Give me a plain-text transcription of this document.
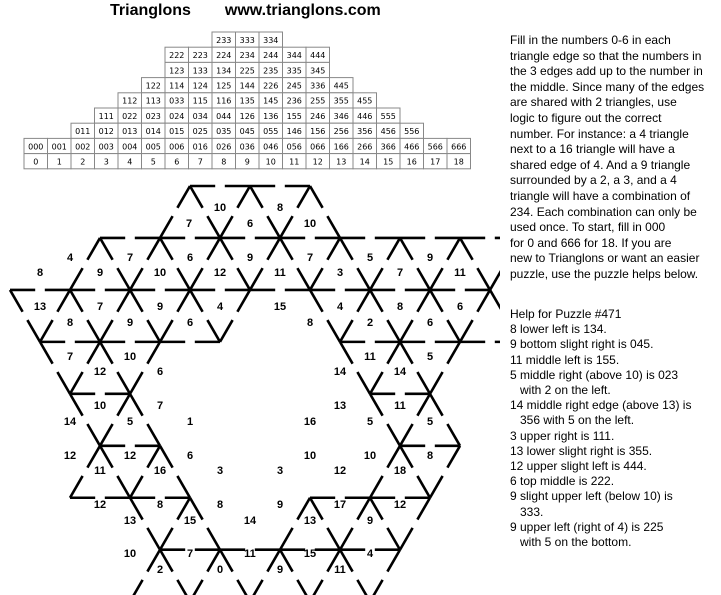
Trianglons www.trianglons.com
233 333 334
222 223 224 234 244 344 444
123 133 134 225 235 335 345
122 114 124 125 144 226 245 336 445
112 113 033 115 116 135 145 236 255 355 455
111 022 023 024 034 044 126 136 155 246 346 446 555
011 012 013 014 015 025 035 045 055 146 156 256 356 456 556
000 001 002 003 004 005 006 016 026 036 046 056 066 166 266 366 466 566 666
0 1 2 3 4 5 6 7 8 9 10 11 12 13 14 15 16 17 18
10	8
7	6	10
4	7	6	9	7	5	9
8	9	10	12	11	3	7	11
13	7	9	4	15	4	8	6
8	9	6	8	2	6
7	10	11	5
12	6	14	14
10	7	13	11
14	5	1	16	5	5
12	12	6	10	10	8
11	16	3	3	12	18
12	8	8	9	17	12
13	15	14	13	9
10	7	11	15	4
2	0	9	11
Fill in the numbers 0-6 in each
triangle edge so that the numbers in
the 3 edges add up to the number in
the middle. Since many of the edges
are shared with 2 triangles, use
logic to figure out the correct
number. For instance: a 4 triangle
next to a 16 triangle will have a
shared edge of 4. And a 9 triangle
surrounded by a 2, a 3, and a 4
triangle will have a combination of
234. Each combination can only be
used once. To start, fill in 000
for 0 and 666 for 18. If you are
new to Trianglons or want an easier
puzzle, use the puzzle helps below.
Help for Puzzle #471
8 lower left is 134.
9 bottom slight right is 045.
11 middle left is 155.
5 middle right (above 10) is 023
with 2 on the left.
14 middle right edge (above 13) is
356 with 5 on the left.
3 upper right is 111.
13 lower slight right is 355.
12 upper slight left is 444.
6 top middle is 222.
9 slight upper left (below 10) is
333.
9 upper left (right of 4) is 225
with 5 on the bottom.
